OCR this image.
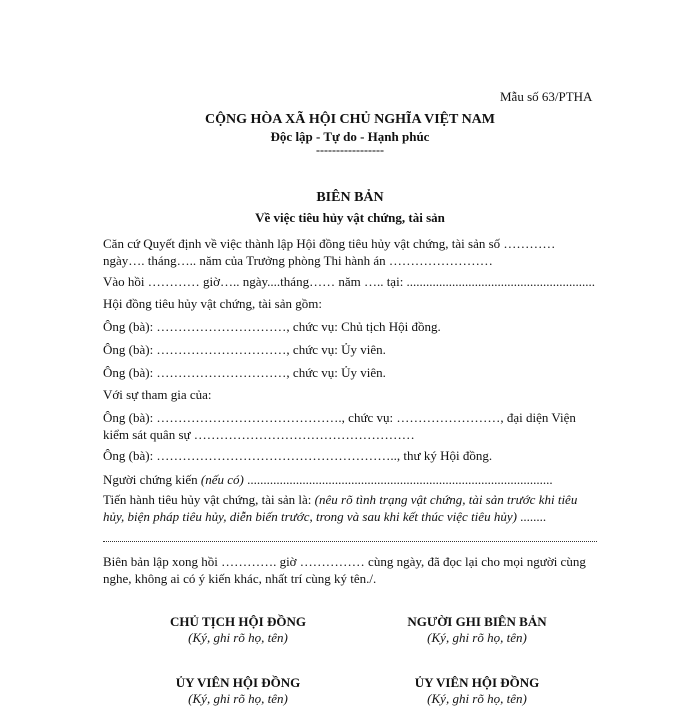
Mẫu số 63/PTHA
CỘNG HÒA XÃ HỘI CHỦ NGHĨA VIỆT NAM
Độc lập - Tự do - Hạnh phúc
-----------------
BIÊN BẢN
Về việc tiêu hủy vật chứng, tài sản
Căn cứ Quyết định về việc thành lập Hội đồng tiêu hủy vật chứng, tài sản số ………… ngày…. tháng….. năm của Trưởng phòng Thi hành án ……………………
Vào hồi ………… giờ….. ngày....tháng…… năm ….. tại: ..........................................................
Hội đồng tiêu hủy vật chứng, tài sản gồm:
Ông (bà): …………………………, chức vụ: Chủ tịch Hội đồng.
Ông (bà): …………………………, chức vụ: Ủy viên.
Ông (bà): …………………………, chức vụ: Ủy viên.
Với sự tham gia của:
Ông (bà): ……………………………………., chức vụ: ……………………, đại diện Viện kiểm sát quân sự ……………………………………………
Ông (bà): ……………………………………………….., thư ký Hội đồng.
Người chứng kiến (nếu có) ..............................................................................................
Tiến hành tiêu hủy vật chứng, tài sản là: (nêu rõ tình trạng vật chứng, tài sản trước khi tiêu hủy, biện pháp tiêu hủy, diễn biến trước, trong và sau khi kết thúc việc tiêu hủy) ........
Biên bản lập xong hồi …………. giờ …………… cùng ngày, đã đọc lại cho mọi người cùng nghe, không ai có ý kiến khác, nhất trí cùng ký tên./.
CHỦ TỊCH HỘI ĐỒNG
(Ký, ghi rõ họ, tên)
NGƯỜI GHI BIÊN BẢN
(Ký, ghi rõ họ, tên)
ỦY VIÊN HỘI ĐỒNG
(Ký, ghi rõ họ, tên)
ỦY VIÊN HỘI ĐỒNG
(Ký, ghi rõ họ, tên)
